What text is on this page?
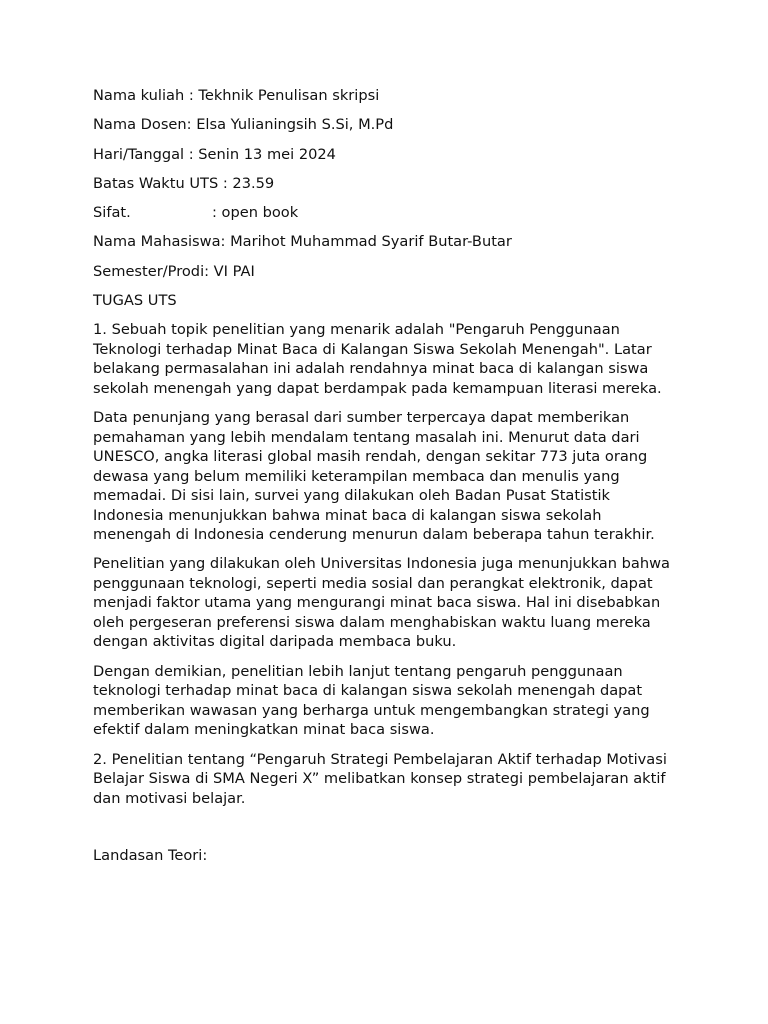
Nama kuliah : Tekhnik Penulisan skripsi
Nama Dosen: Elsa Yulianingsih S.Si, M.Pd
Hari/Tanggal : Senin 13 mei 2024
Batas Waktu UTS : 23.59
Sifat.	: open book
Nama Mahasiswa: Marihot Muhammad Syarif Butar-Butar
Semester/Prodi: VI PAI
TUGAS UTS

1. Sebuah topik penelitian yang menarik adalah "Pengaruh Penggunaan Teknologi terhadap Minat Baca di Kalangan Siswa Sekolah Menengah". Latar belakang permasalahan ini adalah rendahnya minat baca di kalangan siswa sekolah menengah yang dapat berdampak pada kemampuan literasi mereka.

Data penunjang yang berasal dari sumber terpercaya dapat memberikan pemahaman yang lebih mendalam tentang masalah ini. Menurut data dari UNESCO, angka literasi global masih rendah, dengan sekitar 773 juta orang dewasa yang belum memiliki keterampilan membaca dan menulis yang memadai. Di sisi lain, survei yang dilakukan oleh Badan Pusat Statistik Indonesia menunjukkan bahwa minat baca di kalangan siswa sekolah menengah di Indonesia cenderung menurun dalam beberapa tahun terakhir.

Penelitian yang dilakukan oleh Universitas Indonesia juga menunjukkan bahwa penggunaan teknologi, seperti media sosial dan perangkat elektronik, dapat menjadi faktor utama yang mengurangi minat baca siswa. Hal ini disebabkan oleh pergeseran preferensi siswa dalam menghabiskan waktu luang mereka dengan aktivitas digital daripada membaca buku.

Dengan demikian, penelitian lebih lanjut tentang pengaruh penggunaan teknologi terhadap minat baca di kalangan siswa sekolah menengah dapat memberikan wawasan yang berharga untuk mengembangkan strategi yang efektif dalam meningkatkan minat baca siswa.

2. Penelitian tentang “Pengaruh Strategi Pembelajaran Aktif terhadap Motivasi Belajar Siswa di SMA Negeri X” melibatkan konsep strategi pembelajaran aktif dan motivasi belajar.

Landasan Teori:
